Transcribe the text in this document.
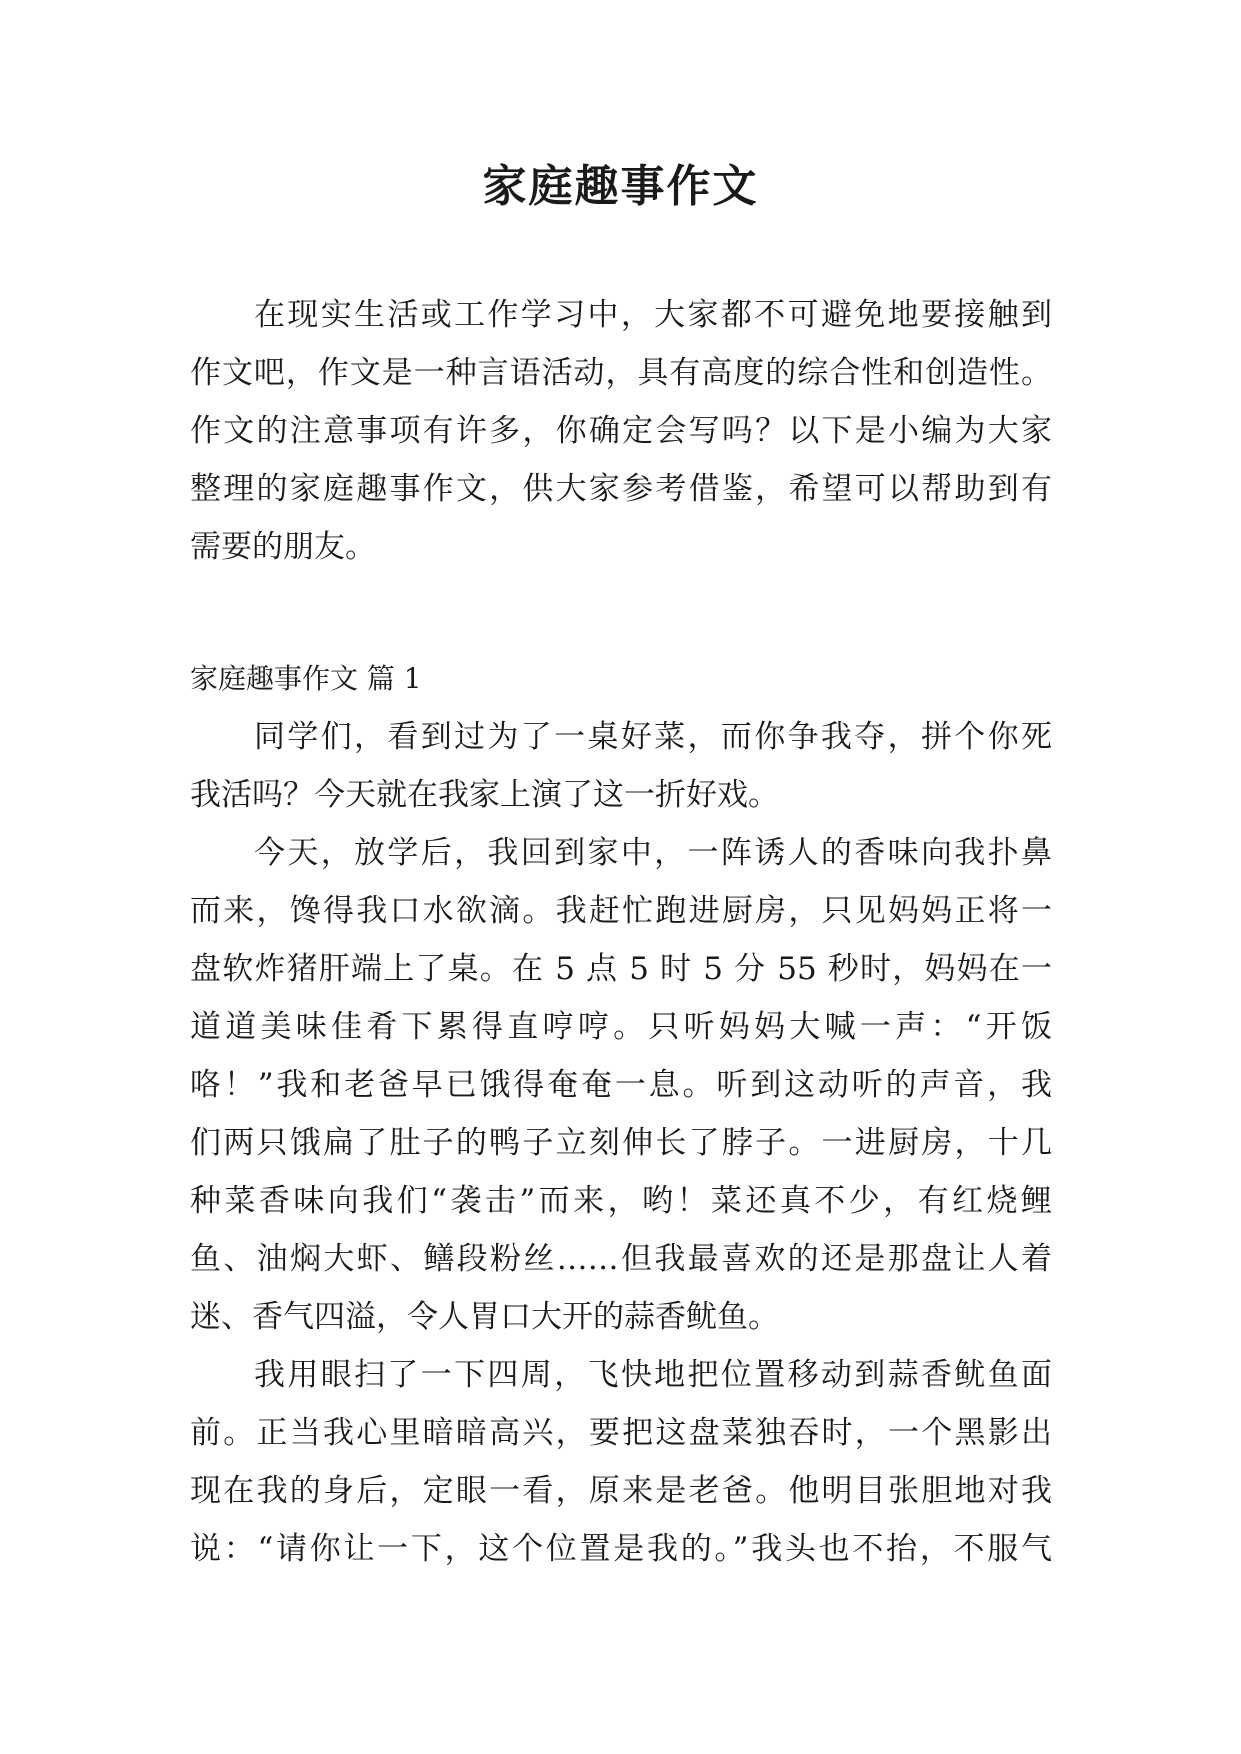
家庭趣事作文
在现实生活或工作学习中，大家都不可避免地要接触到
作文吧，作文是一种言语活动，具有高度的综合性和创造性。
作文的注意事项有许多，你确定会写吗？以下是小编为大家
整理的家庭趣事作文，供大家参考借鉴，希望可以帮助到有
需要的朋友。
家庭趣事作文 篇 1
同学们，看到过为了一桌好菜，而你争我夺，拼个你死
我活吗？今天就在我家上演了这一折好戏。
今天，放学后，我回到家中，一阵诱人的香味向我扑鼻
而来，馋得我口水欲滴。我赶忙跑进厨房，只见妈妈正将一
盘软炸猪肝端上了桌。在 5 点 5 时 5 分 55 秒时，妈妈在一
道道美味佳肴下累得直哼哼。只听妈妈大喊一声：“开饭
咯！”我和老爸早已饿得奄奄一息。听到这动听的声音，我
们两只饿扁了肚子的鸭子立刻伸长了脖子。一进厨房，十几
种菜香味向我们“袭击”而来，哟！菜还真不少，有红烧鲤
鱼、油焖大虾、鳝段粉丝……但我最喜欢的还是那盘让人着
迷、香气四溢，令人胃口大开的蒜香鱿鱼。
我用眼扫了一下四周，飞快地把位置移动到蒜香鱿鱼面
前。正当我心里暗暗高兴，要把这盘菜独吞时，一个黑影出
现在我的身后，定眼一看，原来是老爸。他明目张胆地对我
说：“请你让一下，这个位置是我的。”我头也不抬，不服气
